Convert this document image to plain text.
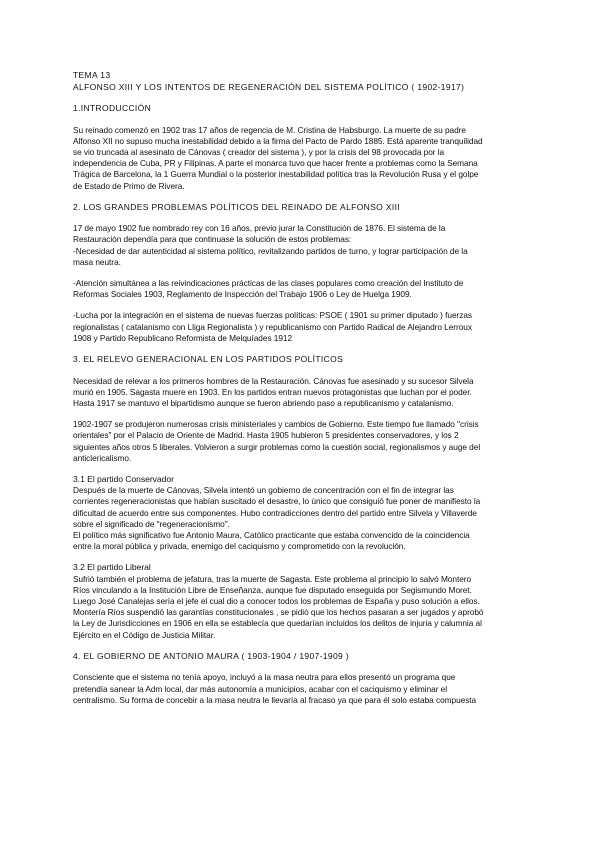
TEMA 13
ALFONSO XIII Y LOS INTENTOS DE REGENERACIÓN DEL SISTEMA POLÍTICO ( 1902-1917)
1.INTRODUCCIÓN
Su reinado comenzó en 1902 tras 17 años de regencia de M. Cristina de Habsburgo. La muerte de su padre
Alfonso XII no supuso mucha inestabilidad debido a la firma del Pacto de Pardo 1885. Está aparente tranquilidad
se vio truncada al asesinato de Cánovas ( creador del sistema ), y por la crisis del 98 provocada por la
independencia de Cuba, PR y Filipinas. A parte el monarca tuvo que hacer frente a problemas como la Semana
Trágica de Barcelona, la 1 Guerra Mundial o la posterior inestabilidad política tras la Revolución Rusa y el golpe
de Estado de Primo de Rivera.
2. LOS GRANDES PROBLEMAS POLÍTICOS DEL REINADO DE ALFONSO XIII
17 de mayo 1902 fue nombrado rey con 16 años, previo jurar la Constitución de 1876. El sistema de la
Restauración dependía para que continuase la solución de estos problemas:
-Necesidad de dar autenticidad al sistema político, revitalizando partidos de turno, y lograr participación de la
masa neutra.
-Atención simultánea a las reivindicaciones prácticas de las clases populares como creación del Instituto de
Reformas Sociales 1903, Reglamento de Inspección del Trabajo 1906 o Ley de Huelga 1909.
-Lucha por la integración en el sistema de nuevas fuerzas políticas: PSOE ( 1901 su primer diputado ) fuerzas
regionalistas ( catalanismo con Lliga Regionalista ) y republicanismo con Partido Radical de Alejandro Lerroux
1908 y Partido Republicano Reformista de Melquíades 1912
3. EL RELEVO GENERACIONAL EN LOS PARTIDOS POLÍTICOS
Necesidad de relevar a los primeros hombres de la Restauración. Cánovas fue asesinado y su sucesor Silvela
murió en 1905. Sagasta muere en 1903. En los partidos entran nuevos protagonistas que luchan por el poder.
Hasta 1917 se mantuvo el bipartidismo aunque se fueron abriendo paso a republicanismo y catalanismo.
1902-1907 se produjeron numerosas crisis ministeriales y cambios de Gobierno. Este tiempo fue llamado "crisis
orientales" por el Palacio de Oriente de Madrid. Hasta 1905 hubieron 5 presidentes conservadores, y los 2
siguientes años otros 5 liberales. Volvieron a surgir problemas como la cuestión social, regionalismos y auge del
anticlericalismo.
3.1 El partido Conservador
Después de la muerte de Cánovas, Silvela intentó un gobierno de concentración con el fin de integrar las
corrientes regeneracionistas que habían suscitado el desastre, lo único que consiguió fue poner de manifiesto la
dificultad de acuerdo entre sus componentes. Hubo contradicciones dentro del partido entre Silvela y Villaverde
sobre el significado de "regeneracionismo".
El político más significativo fue Antonio Maura, Católico practicante que estaba convencido de la coincidencia
entre la moral pública y privada, enemigo del caciquismo y comprometido con la revolución.
3.2 El partido Liberal
Sufrió también el problema de jefatura, tras la muerte de Sagasta. Este problema al principio lo salvó Montero
Ríos vinculando a la Institución Libre de Enseñanza, aunque fue disputado enseguida por Segismundo Moret.
Luego José Canalejas sería el jefe el cual dio a conocer todos los problemas de España y puso solución a ellos.
Montería Ríos suspendió las garantías constitucionales , se pidió que los hechos pasaran a ser jugados y aprobó
la Ley de Jurisdicciones en 1906 en ella se establecía que quedarían incluidos los delitos de injuria y calumnia al
Ejército en el Código de Justicia Militar.
4. EL GOBIERNO DE ANTONIO MAURA ( 1903-1904 / 1907-1909 )
Consciente que el sistema no tenía apoyo, incluyó a la masa neutra para ellos presentó un programa que
pretendía sanear la Adm local, dar más autonomía a municipios, acabar con el caciquismo y eliminar el
centralismo. Su forma de concebir a la masa neutra le llevaría al fracaso ya que para él solo estaba compuesta
